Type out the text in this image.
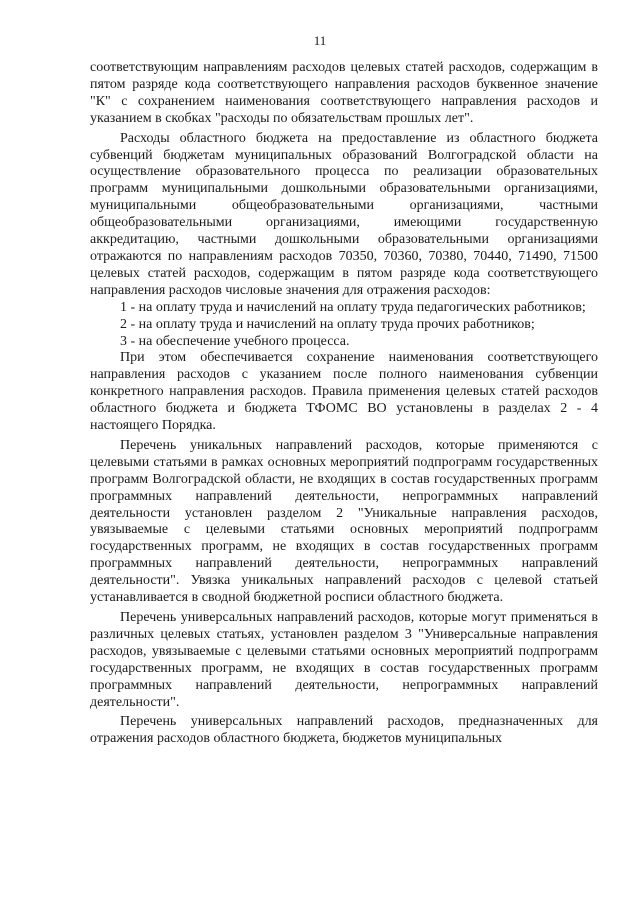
11

соответствующим направлениям расходов целевых статей расходов, содержащим в пятом разряде кода соответствующего направления расходов буквенное значение "К" с сохранением наименования соответствующего направления расходов и указанием в скобках "расходы по обязательствам прошлых лет".

Расходы областного бюджета на предоставление из областного бюджета субвенций бюджетам муниципальных образований Волгоградской области на осуществление образовательного процесса по реализации образовательных программ муниципальными дошкольными образовательными организациями, муниципальными общеобразовательными организациями, частными общеобразовательными организациями, имеющими государственную аккредитацию, частными дошкольными образовательными организациями отражаются по направлениям расходов 70350, 70360, 70380, 70440, 71490, 71500 целевых статей расходов, содержащим в пятом разряде кода соответствующего направления расходов числовые значения для отражения расходов:

1 - на оплату труда и начислений на оплату труда педагогических работников;

2 - на оплату труда и начислений на оплату труда прочих работников;

3 - на обеспечение учебного процесса.

При этом обеспечивается сохранение наименования соответствующего направления расходов с указанием после полного наименования субвенции конкретного направления расходов. Правила применения целевых статей расходов областного бюджета и бюджета ТФОМС ВО установлены в разделах 2 - 4 настоящего Порядка.

Перечень уникальных направлений расходов, которые применяются с целевыми статьями в рамках основных мероприятий подпрограмм государственных программ Волгоградской области, не входящих в состав государственных программ программных направлений деятельности, непрограммных направлений деятельности установлен разделом 2 "Уникальные направления расходов, увязываемые с целевыми статьями основных мероприятий подпрограмм государственных программ, не входящих в состав государственных программ программных направлений деятельности, непрограммных направлений деятельности". Увязка уникальных направлений расходов с целевой статьей устанавливается в сводной бюджетной росписи областного бюджета.

Перечень универсальных направлений расходов, которые могут применяться в различных целевых статьях, установлен разделом 3 "Универсальные направления расходов, увязываемые с целевыми статьями основных мероприятий подпрограмм государственных программ, не входящих в состав государственных программ программных направлений деятельности, непрограммных направлений деятельности".

Перечень универсальных направлений расходов, предназначенных для отражения расходов областного бюджета, бюджетов муниципальных
